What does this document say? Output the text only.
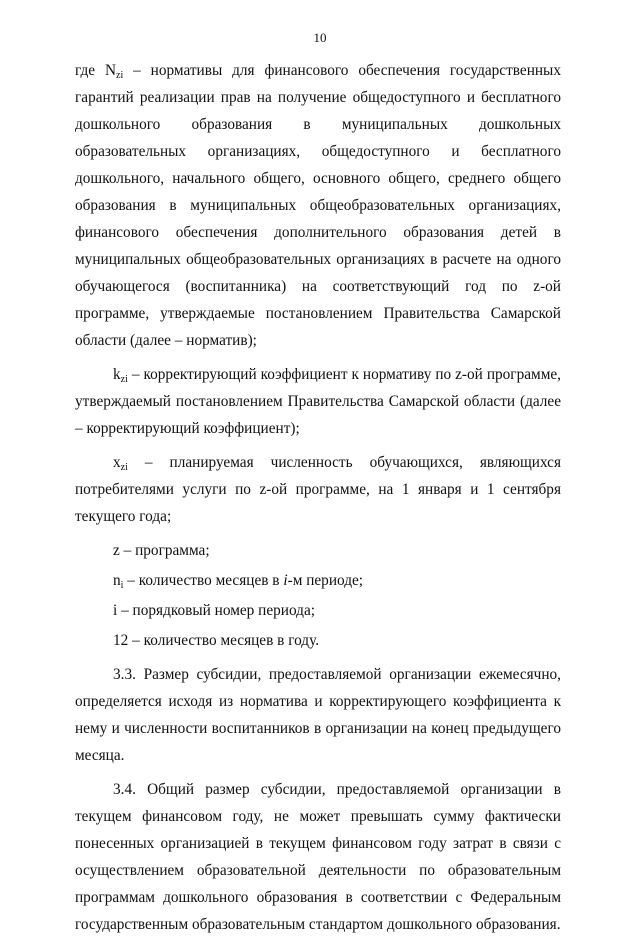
10

где $N_{zi}$ – нормативы для финансового обеспечения государственных гарантий реализации прав на получение общедоступного и бесплатного дошкольного образования в муниципальных дошкольных образовательных организациях, общедоступного и бесплатного дошкольного, начального общего, основного общего, среднего общего образования в муниципальных общеобразовательных организациях, финансового обеспечения дополнительного образования детей в муниципальных общеобразовательных организациях в расчете на одного обучающегося (воспитанника) на соответствующий год по z-ой программе, утверждаемые постановлением Правительства Самарской области (далее – норматив);

$k_{zi}$ – корректирующий коэффициент к нормативу по z-ой программе, утверждаемый постановлением Правительства Самарской области (далее – корректирующий коэффициент);

$x_{zi}$ – планируемая численность обучающихся, являющихся потребителями услуги по z-ой программе, на 1 января и 1 сентября текущего года;

z – программа;

$n_i$ – количество месяцев в i-м периоде;

i – порядковый номер периода;

12 – количество месяцев в году.

3.3. Размер субсидии, предоставляемой организации ежемесячно, определяется исходя из норматива и корректирующего коэффициента к нему и численности воспитанников в организации на конец предыдущего месяца.

3.4. Общий размер субсидии, предоставляемой организации в текущем финансовом году, не может превышать сумму фактически понесенных организацией в текущем финансовом году затрат в связи с осуществлением образовательной деятельности по образовательным программам дошкольного образования в соответствии с Федеральным государственным образовательным стандартом дошкольного образования.
